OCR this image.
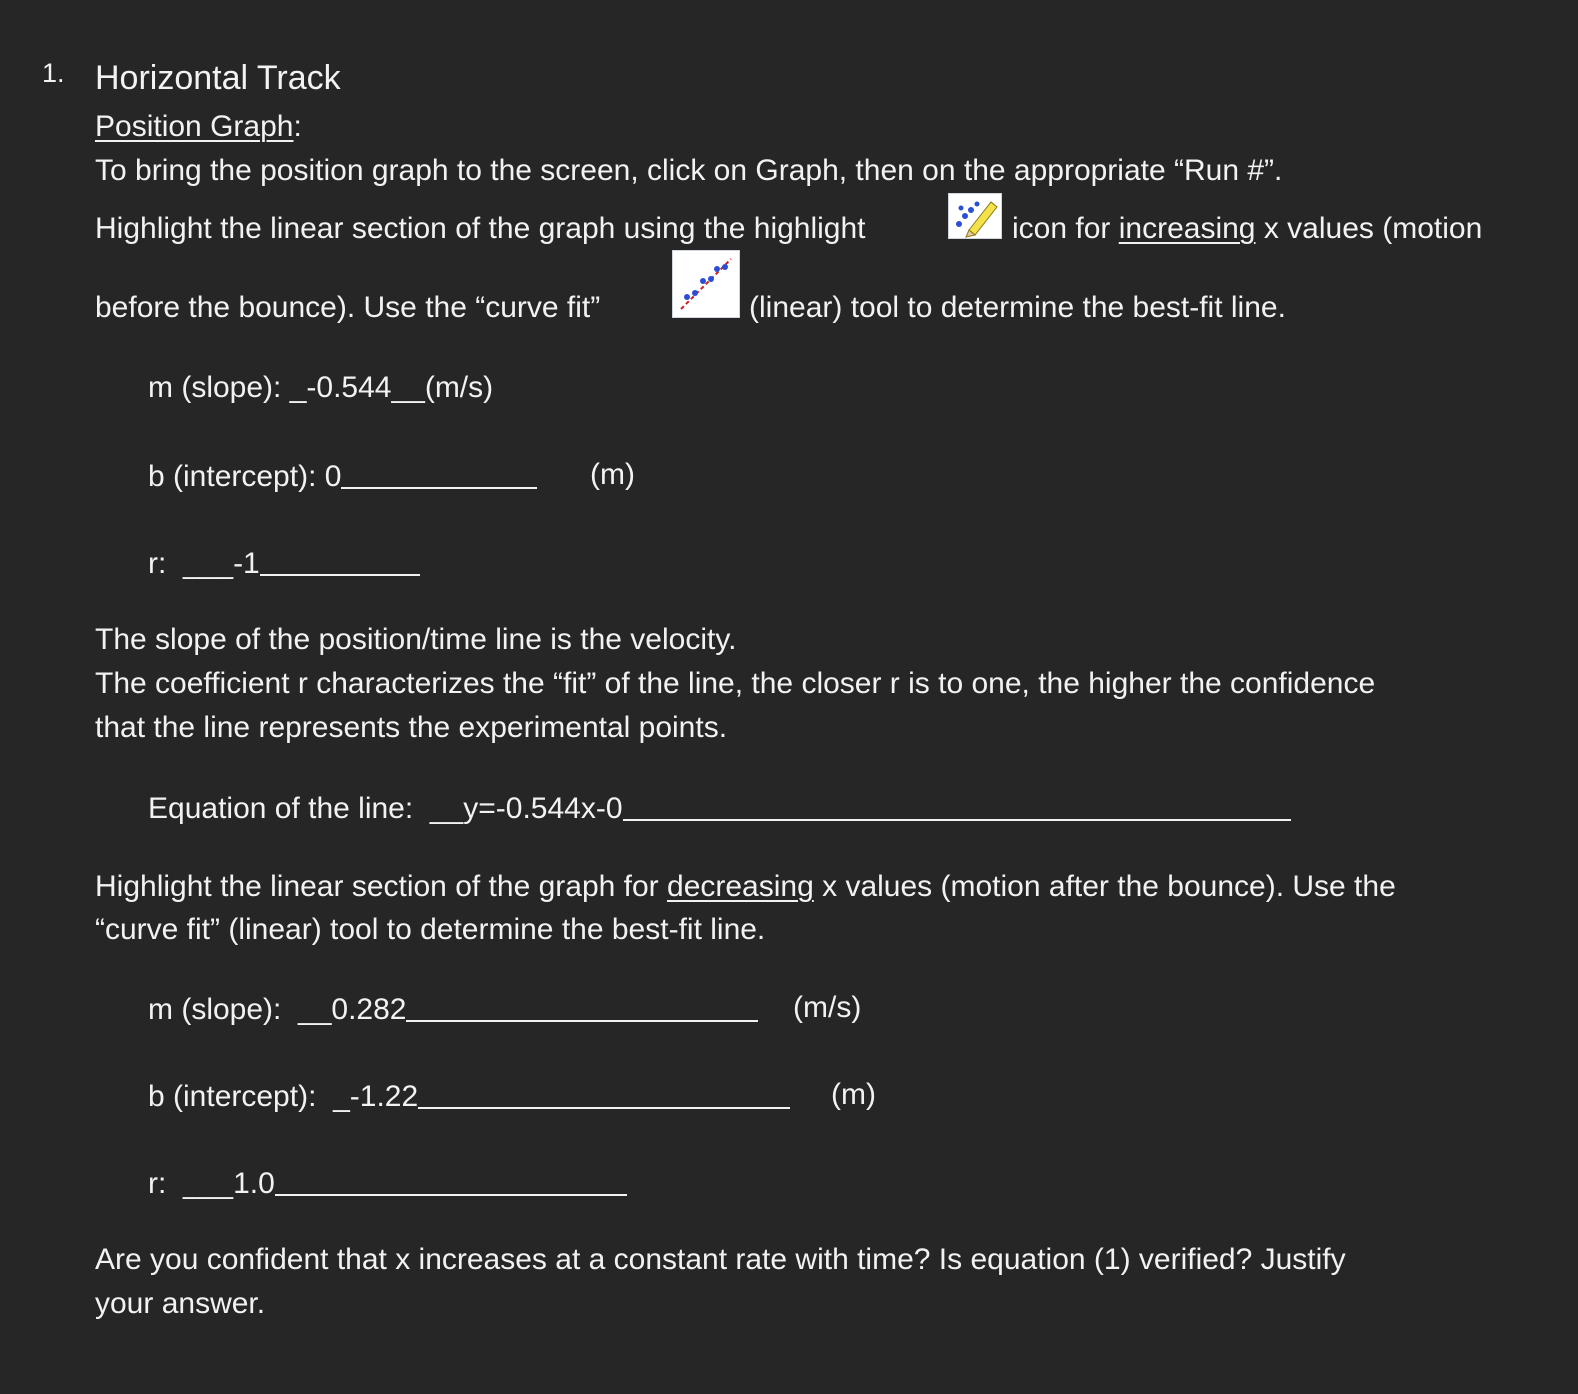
1. Horizontal Track
Position Graph:
To bring the position graph to the screen, click on Graph, then on the appropriate “Run #”.
Highlight the linear section of the graph using the highlight	icon for increasing x values (motion
before the bounce). Use the “curve fit”	(linear) tool to determine the best-fit line.
m (slope): _-0.544__(m/s)
b (intercept): 0	(m)
r: ___-1
The slope of the position/time line is the velocity.
The coefficient r characterizes the “fit” of the line, the closer r is to one, the higher the confidence
that the line represents the experimental points.
Equation of the line: __y=-0.544x-0
Highlight the linear section of the graph for decreasing x values (motion after the bounce). Use the
“curve fit” (linear) tool to determine the best-fit line.
m (slope): __0.282	(m/s)
b (intercept): _-1.22	(m)
r: ___1.0
Are you confident that x increases at a constant rate with time? Is equation (1) verified? Justify
your answer.
